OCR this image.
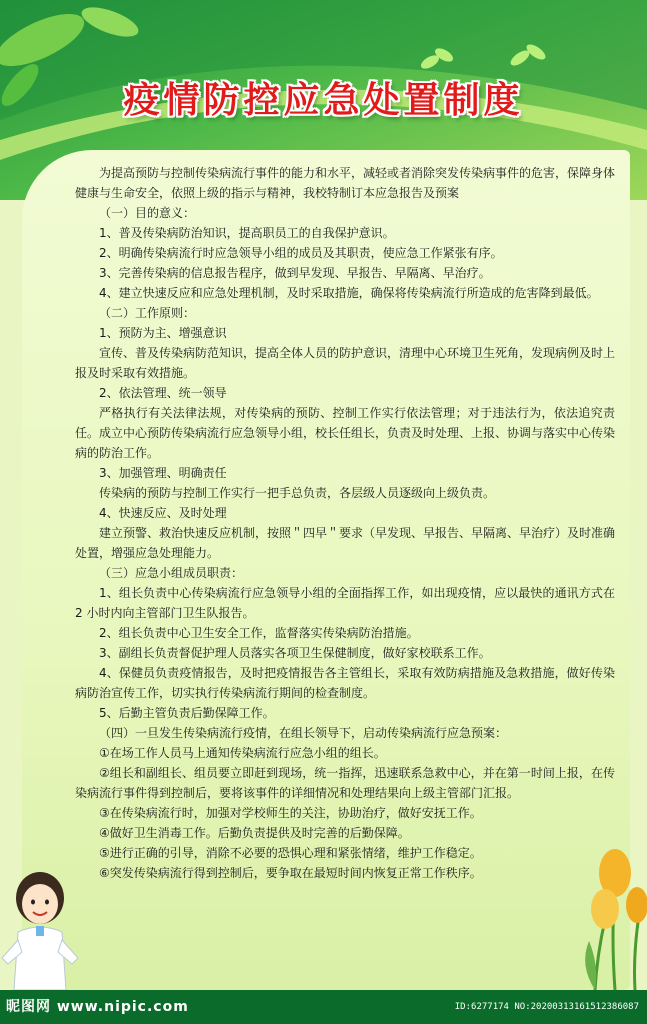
疫情防控应急处置制度

为提高预防与控制传染病流行事件的能力和水平，减轻或者消除突发传染病事件的危害，保障身体健康与生命安全，依照上级的指示与精神，我校特制订本应急报告及预案

（一）目的意义：

1、普及传染病防治知识，提高职员工的自我保护意识。

2、明确传染病流行时应急领导小组的成员及其职责，使应急工作紧张有序。

3、完善传染病的信息报告程序，做到早发现、早报告、早隔离、早治疗。

4、建立快速反应和应急处理机制，及时采取措施，确保将传染病流行所造成的危害降到最低。

（二）工作原则：

1、预防为主、增强意识

宣传、普及传染病防范知识，提高全体人员的防护意识，清理中心环境卫生死角，发现病例及时上报及时采取有效措施。

2、依法管理、统一领导

严格执行有关法律法规，对传染病的预防、控制工作实行依法管理；对于违法行为，依法追究责任。成立中心预防传染病流行应急领导小组，校长任组长，负责及时处理、上报、协调与落实中心传染病的防治工作。

3、加强管理、明确责任

传染病的预防与控制工作实行一把手总负责，各层级人员逐级向上级负责。

4、快速反应、及时处理

建立预警、救治快速反应机制，按照＂四早＂要求（早发现、早报告、早隔离、早治疗）及时准确处置，增强应急处理能力。

（三）应急小组成员职责：

1、组长负责中心传染病流行应急领导小组的全面指挥工作，如出现疫情，应以最快的通讯方式在 2 小时内向主管部门卫生队报告。

2、组长负责中心卫生安全工作，监督落实传染病防治措施。

3、副组长负责督促护理人员落实各项卫生保健制度，做好家校联系工作。

4、保健员负责疫情报告，及时把疫情报告各主管组长，采取有效防病措施及急救措施，做好传染病防治宣传工作，切实执行传染病流行期间的检查制度。

5、后勤主管负责后勤保障工作。

（四）一旦发生传染病流行疫情，在组长领导下，启动传染病流行应急预案：

①在场工作人员马上通知传染病流行应急小组的组长。

②组长和副组长、组员要立即赶到现场，统一指挥，迅速联系急救中心，并在第一时间上报，在传染病流行事件得到控制后，要将该事件的详细情况和处理结果向上级主管部门汇报。

③在传染病流行时，加强对学校师生的关注，协助治疗，做好安抚工作。

④做好卫生消毒工作。后勤负责提供及时完善的后勤保障。

⑤进行正确的引导，消除不必要的恐惧心理和紧张情绪，维护工作稳定。

⑥突发传染病流行得到控制后，要争取在最短时间内恢复正常工作秩序。

昵图网 www.nipic.com	ID:6277174 NO:20200313161512386087
